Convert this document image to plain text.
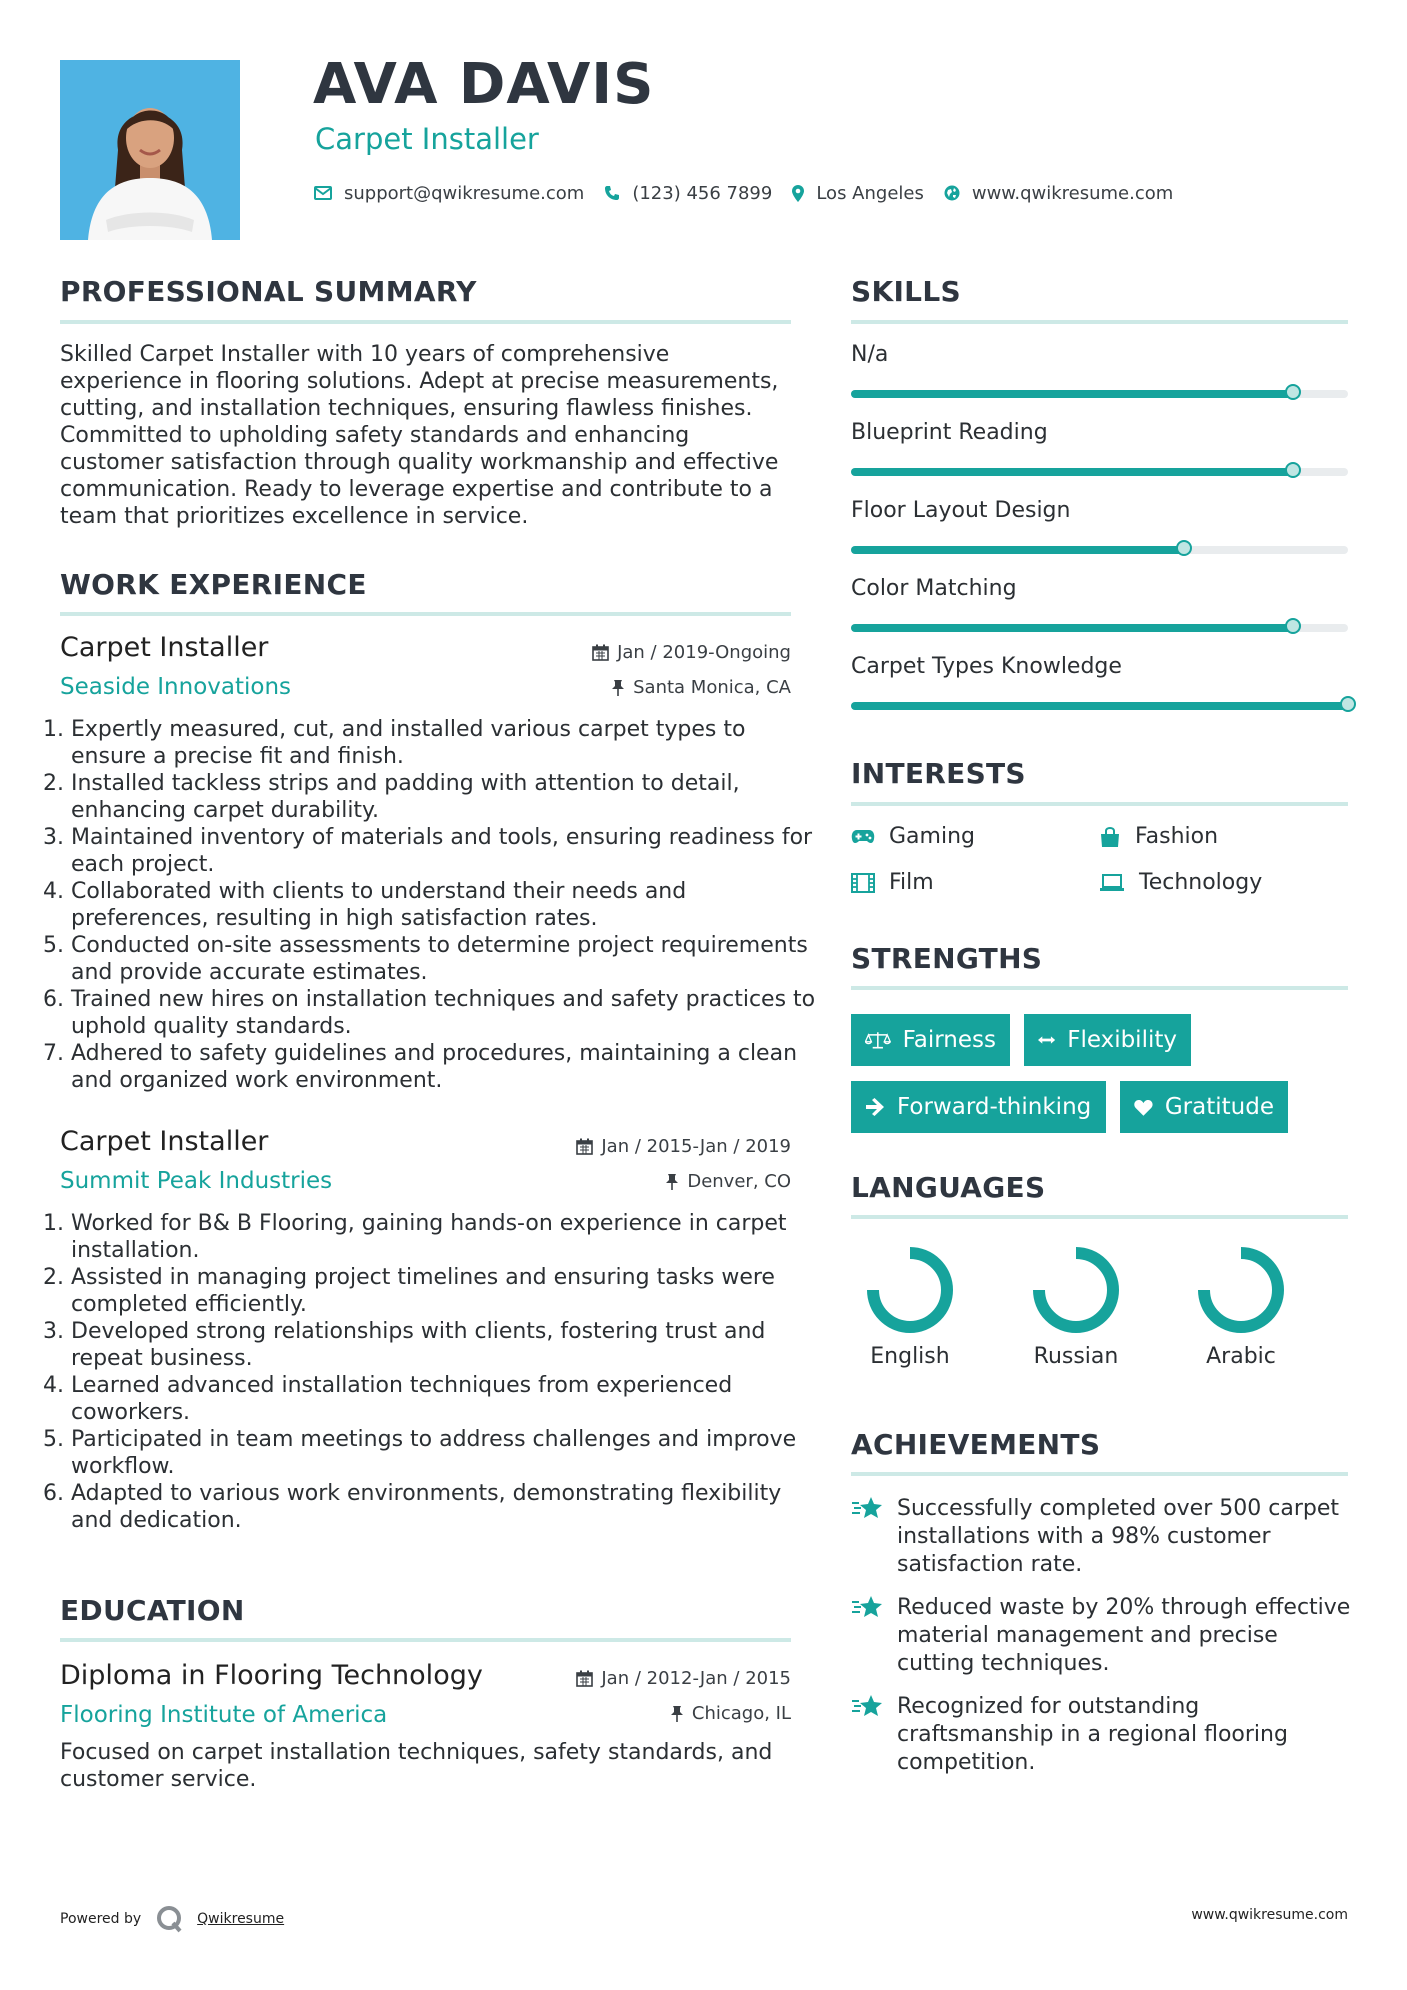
AVA DAVIS
Carpet Installer
support@qwikresume.com	(123) 456 7899 Los Angeles	www.qwikresume.com
PROFESSIONAL SUMMARY
Skilled Carpet Installer with 10 years of comprehensive experience in flooring solutions. Adept at precise measurements, cutting, and installation techniques, ensuring flawless finishes. Committed to upholding safety standards and enhancing customer satisfaction through quality workmanship and effective communication. Ready to leverage expertise and contribute to a team that prioritizes excellence in service.
WORK EXPERIENCE
Carpet Installer
Seaside Innovations
Jan / 2019-Ongoing
Santa Monica, CA
1. Expertly measured, cut, and installed various carpet types to ensure a precise fit and finish.
2. Installed tackless strips and padding with attention to detail, enhancing carpet durability.
3. Maintained inventory of materials and tools, ensuring readiness for each project.
4. Collaborated with clients to understand their needs and preferences, resulting in high satisfaction rates.
5. Conducted on-site assessments to determine project requirements and provide accurate estimates.
6. Trained new hires on installation techniques and safety practices to uphold quality standards.
7. Adhered to safety guidelines and procedures, maintaining a clean and organized work environment.
Carpet Installer
Summit Peak Industries
Jan / 2015-Jan / 2019
Denver, CO
1. Worked for B& B Flooring, gaining hands-on experience in carpet installation.
2. Assisted in managing project timelines and ensuring tasks were completed efficiently.
3. Developed strong relationships with clients, fostering trust and repeat business.
4. Learned advanced installation techniques from experienced coworkers.
5. Participated in team meetings to address challenges and improve workflow.
6. Adapted to various work environments, demonstrating flexibility and dedication.
EDUCATION
Diploma in Flooring Technology
Flooring Institute of America
Jan / 2012-Jan / 2015
Chicago, IL
Focused on carpet installation techniques, safety standards, and customer service.
SKILLS
N/a
Blueprint Reading
Floor Layout Design
Color Matching
Carpet Types Knowledge
INTERESTS
Gaming	Fashion
Film	Technology
STRENGTHS
Fairness	Flexibility
Forward-thinking	Gratitude
LANGUAGES
English	Russian	Arabic
ACHIEVEMENTS
Successfully completed over 500 carpet installations with a 98% customer satisfaction rate.
Reduced waste by 20% through effective material management and precise cutting techniques.
Recognized for outstanding craftsmanship in a regional flooring competition.
Powered by	Qwikresume	www.qwikresume.com
